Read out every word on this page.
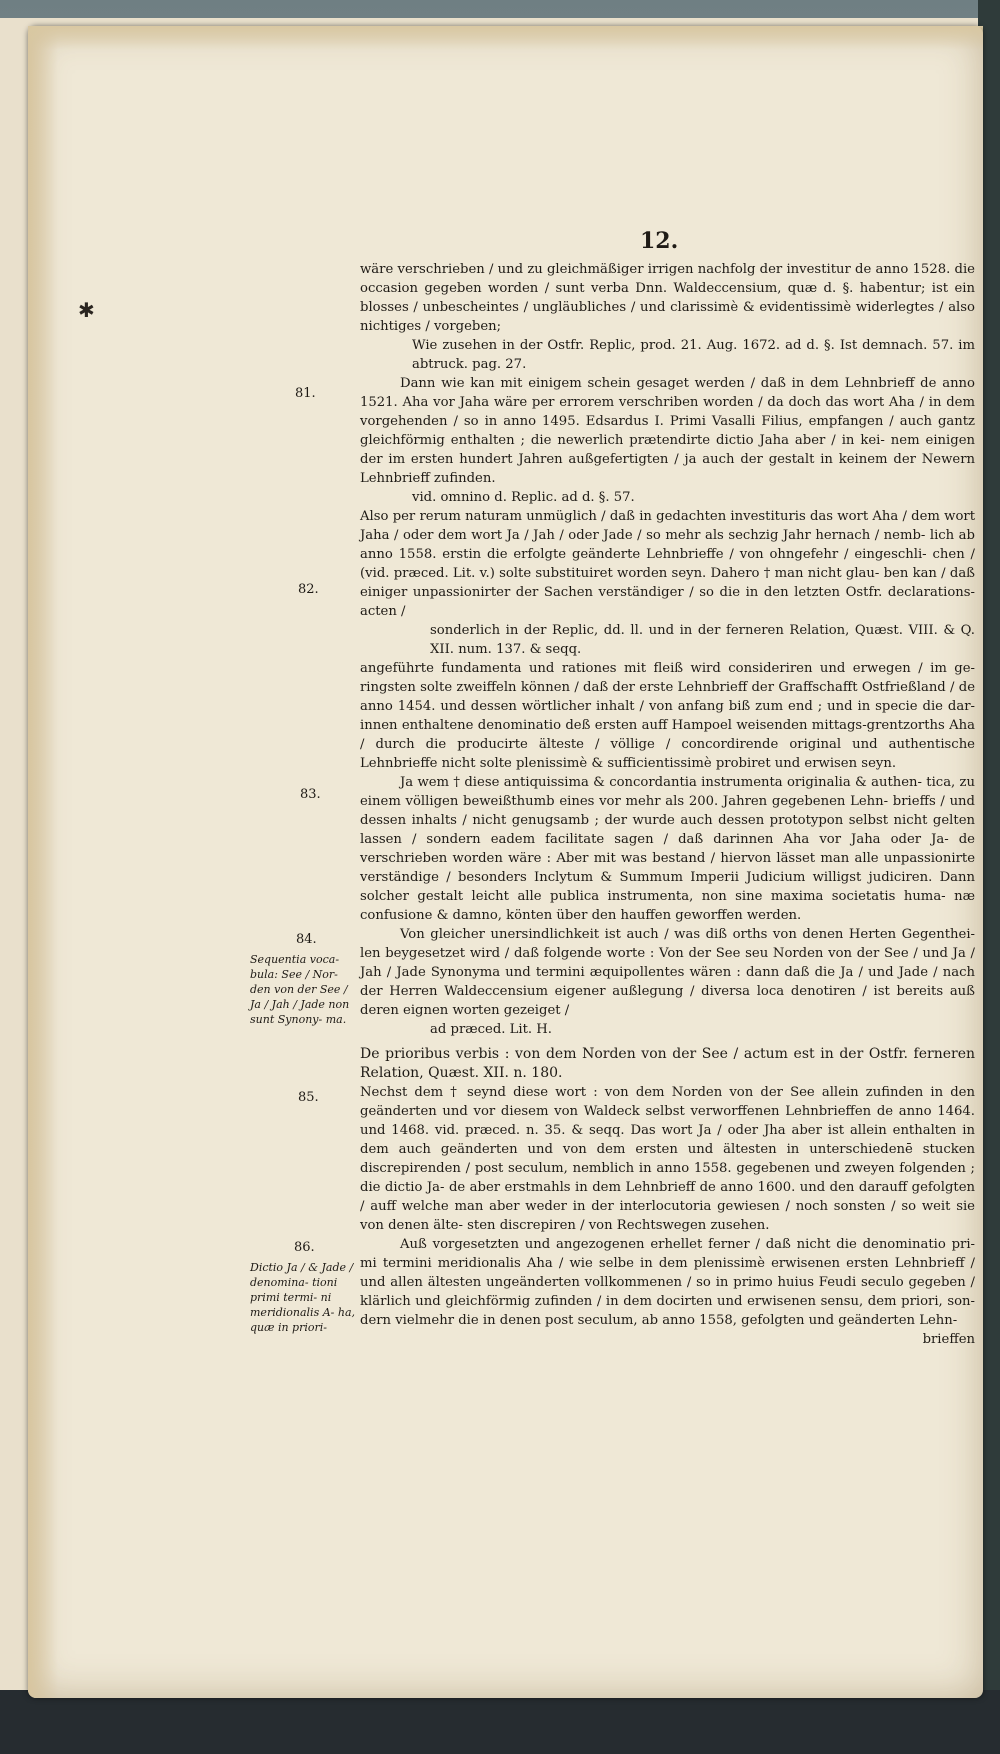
✱
12.
81.
82.
83.
84.
85.
86.
Sequentia voca- bula: See / Nor- den von der See / Ja / Jah / Jade non sunt Synony- ma.
Dictio Ja / & Jade / denomina- tioni primi termi- ni meridionalis A- ha, quæ in priori-

wäre verschrieben / und zu gleichmäßiger irrigen nachfolg der investitur de anno 1528. die occasion gegeben worden / sunt verba Dnn. Waldeccensium, quæ d. §. habentur; ist ein blosses / unbescheintes / ungläubliches / und clarissimè & evidentissimè widerlegtes / also nichtiges / vorgeben;

Wie zusehen in der Ostfr. Replic, prod. 21. Aug. 1672. ad d. §. Ist demnach. 57. im abtruck. pag. 27.

Dann wie kan mit einigem schein gesaget werden / daß in dem Lehnbrieff de anno 1521. Aha vor Jaha wäre per errorem verschriben worden / da doch das wort Aha / in dem vorgehenden / so in anno 1495. Edsardus I. Primi Vasalli Filius, empfangen / auch gantz gleichförmig enthalten ; die newerlich prætendirte dictio Jaha aber / in kei- nem einigen der im ersten hundert Jahren außgefertigten / ja auch der gestalt in keinem der Newern Lehnbrieff zufinden.

vid. omnino d. Replic. ad d. §. 57.

Also per rerum naturam unmüglich / daß in gedachten investituris das wort Aha / dem wort Jaha / oder dem wort Ja / Jah / oder Jade / so mehr als sechzig Jahr hernach / nemb- lich ab anno 1558. erstin die erfolgte geänderte Lehnbrieffe / von ohngefehr / eingeschli- chen / (vid. præced. Lit. v.) solte substituiret worden seyn. Dahero † man nicht glau- ben kan / daß einiger unpassionirter der Sachen verständiger / so die in den letzten Ostfr. declarations-acten /

sonderlich in der Replic, dd. ll. und in der ferneren Relation, Quæst. VIII. & Q. XII. num. 137. & seqq.

angeführte fundamenta und rationes mit fleiß wird consideriren und erwegen / im ge- ringsten solte zweiffeln können / daß der erste Lehnbrieff der Graffschafft Ostfrießland / de anno 1454. und dessen wörtlicher inhalt / von anfang biß zum end ; und in specie die dar- innen enthaltene denominatio deß ersten auff Hampoel weisenden mittags-grentzorths Aha / durch die producirte älteste / völlige / concordirende original und authentische Lehnbrieffe nicht solte plenissimè & sufficientissimè probiret und erwisen seyn.

Ja wem † diese antiquissima & concordantia instrumenta originalia & authen- tica, zu einem völligen beweißthumb eines vor mehr als 200. Jahren gegebenen Lehn- brieffs / und dessen inhalts / nicht genugsamb ; der wurde auch dessen prototypon selbst nicht gelten lassen / sondern eadem facilitate sagen / daß darinnen Aha vor Jaha oder Ja- de verschrieben worden wäre : Aber mit was bestand / hiervon lässet man alle unpassionirte verständige / besonders Inclytum & Summum Imperii Judicium willigst judiciren. Dann solcher gestalt leicht alle publica instrumenta, non sine maxima societatis huma- næ confusione & damno, könten über den hauffen geworffen werden.

Von gleicher unersindlichkeit ist auch / was diß orths von denen Herten Gegenthei- len beygesetzet wird / daß folgende worte : Von der See seu Norden von der See / und Ja / Jah / Jade Synonyma und termini æquipollentes wären : dann daß die Ja / und Jade / nach der Herren Waldeccensium eigener außlegung / diversa loca denotiren / ist bereits auß deren eignen worten gezeiget /

ad præced. Lit. H.

De prioribus verbis : von dem Norden von der See / actum est in der Ostfr. ferneren Relation, Quæst. XII. n. 180.

Nechst dem † seynd diese wort : von dem Norden von der See allein zufinden in den geänderten und vor diesem von Waldeck selbst verworffenen Lehnbrieffen de anno 1464. und 1468. vid. præced. n. 35. & seqq. Das wort Ja / oder Jha aber ist allein enthalten in dem auch geänderten und von dem ersten und ältesten in unterschiedenē stucken discrepirenden / post seculum, nemblich in anno 1558. gegebenen und zweyen folgenden ; die dictio Ja- de aber erstmahls in dem Lehnbrieff de anno 1600. und den darauff gefolgten / auff welche man aber weder in der interlocutoria gewiesen / noch sonsten / so weit sie von denen älte- sten discrepiren / von Rechtswegen zusehen.

Auß vorgesetzten und angezogenen erhellet ferner / daß nicht die denominatio pri- mi termini meridionalis Aha / wie selbe in dem plenissimè erwisenen ersten Lehnbrieff / und allen ältesten ungeänderten vollkommenen / so in primo huius Feudi seculo gegeben / klärlich und gleichförmig zufinden / in dem docirten und erwisenen sensu, dem priori, son- dern vielmehr die in denen post seculum, ab anno 1558, gefolgten und geänderten Lehn-

brieffen
